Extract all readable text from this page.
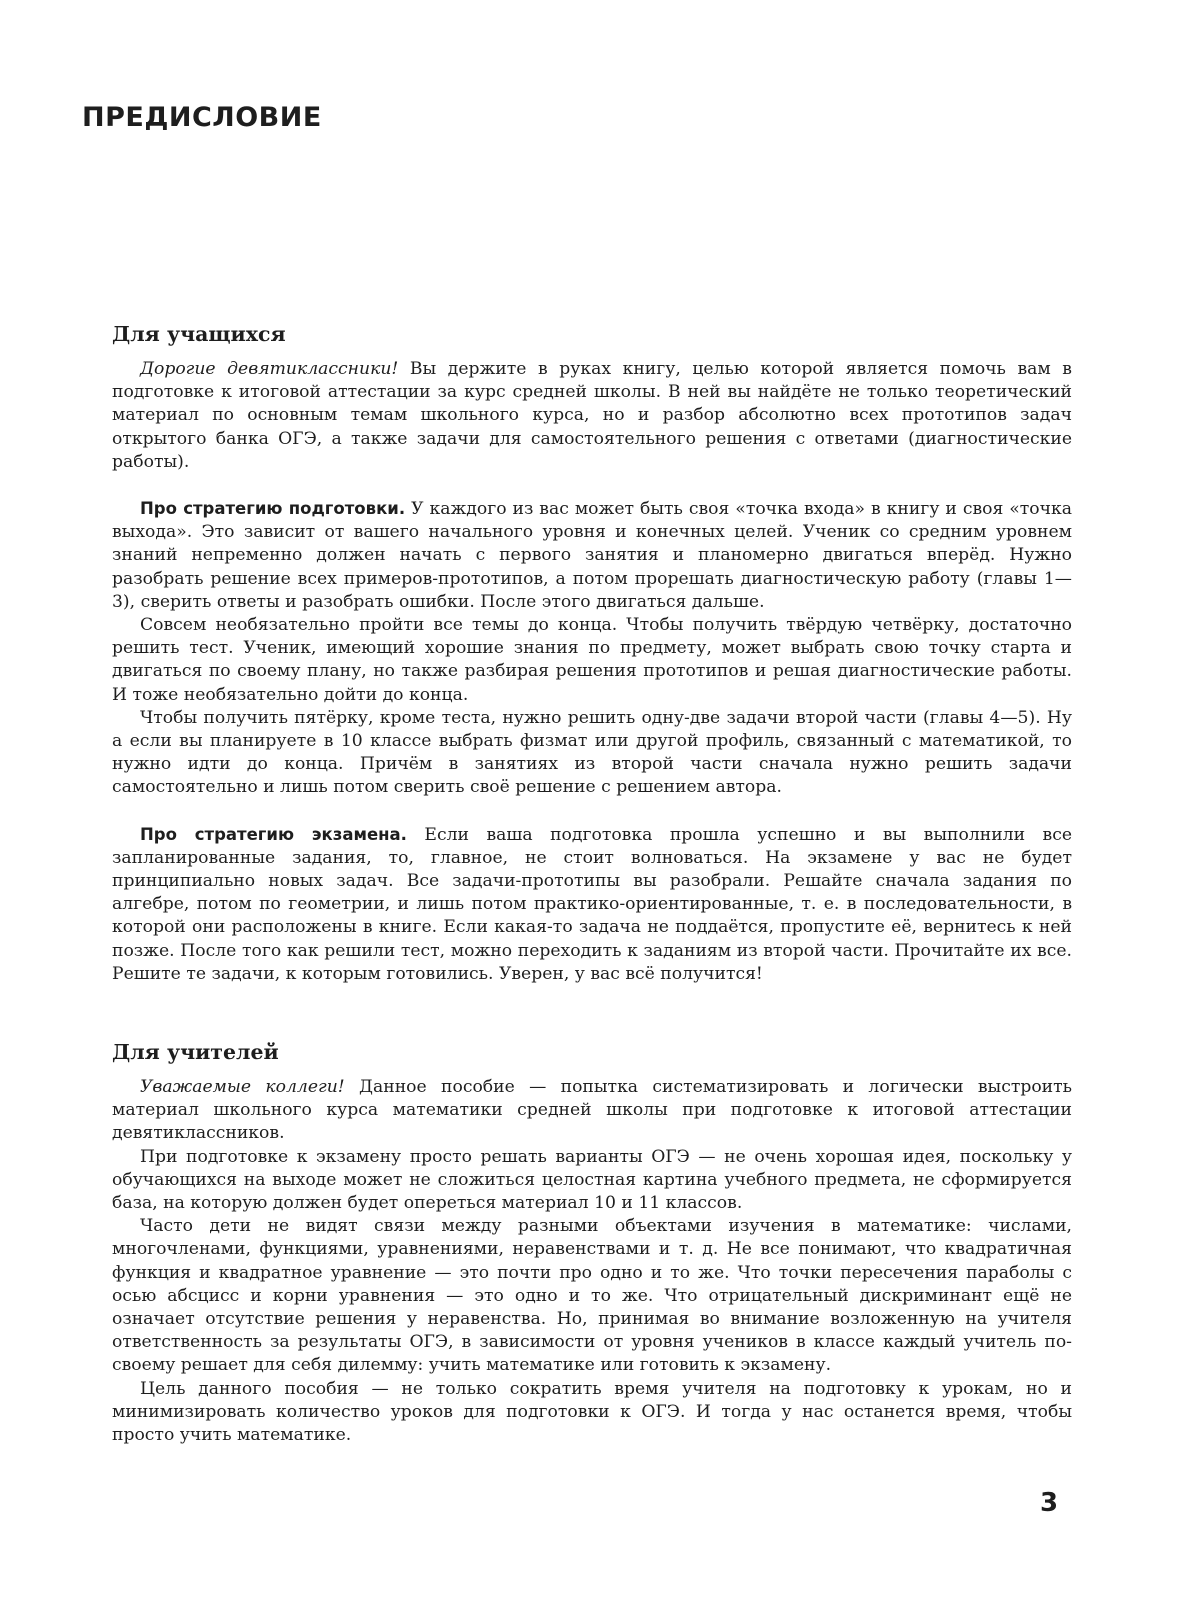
ПРЕДИСЛОВИЕ
Для учащихся

Дорогие девятиклассники! Вы держите в руках книгу, целью которой является помочь вам в подготовке к итоговой аттестации за курс средней школы. В ней вы найдёте не только теоретический материал по основным темам школьного курса, но и разбор абсолютно всех прототипов задач открытого банка ОГЭ, а также задачи для самостоятельного решения с ответами (диагностические работы).

Про стратегию подготовки. У каждого из вас может быть своя «точка входа» в книгу и своя «точка выхода». Это зависит от вашего начального уровня и конечных целей. Ученик со средним уровнем знаний непременно должен начать с первого занятия и планомерно двигаться вперёд. Нужно разобрать решение всех примеров-прототипов, а потом прорешать диагностическую работу (главы 1—3), сверить ответы и разобрать ошибки. После этого двигаться дальше.

Совсем необязательно пройти все темы до конца. Чтобы получить твёрдую четвёрку, достаточно решить тест. Ученик, имеющий хорошие знания по предмету, может выбрать свою точку старта и двигаться по своему плану, но также разбирая решения прототипов и решая диагностические работы. И тоже необязательно дойти до конца.

Чтобы получить пятёрку, кроме теста, нужно решить одну-две задачи второй части (главы 4—5). Ну а если вы планируете в 10 классе выбрать физмат или другой профиль, связанный с математикой, то нужно идти до конца. Причём в занятиях из второй части сначала нужно решить задачи самостоятельно и лишь потом сверить своё решение с решением автора.

Про стратегию экзамена. Если ваша подготовка прошла успешно и вы выполнили все запланированные задания, то, главное, не стоит волноваться. На экзамене у вас не будет принципиально новых задач. Все задачи-прототипы вы разобрали. Решайте сначала задания по алгебре, потом по геометрии, и лишь потом практико-ориентированные, т. е. в последовательности, в которой они расположены в книге. Если какая-то задача не поддаётся, пропустите её, вернитесь к ней позже. После того как решили тест, можно переходить к заданиям из второй части. Прочитайте их все. Решите те задачи, к которым готовились. Уверен, у вас всё получится!

Для учителей

Уважаемые коллеги! Данное пособие — попытка систематизировать и логически выстроить материал школьного курса математики средней школы при подготовке к итоговой аттестации девятиклассников.

При подготовке к экзамену просто решать варианты ОГЭ — не очень хорошая идея, поскольку у обучающихся на выходе может не сложиться целостная картина учебного предмета, не сформируется база, на которую должен будет опереться материал 10 и 11 классов.

Часто дети не видят связи между разными объектами изучения в математике: числами, многочленами, функциями, уравнениями, неравенствами и т. д. Не все понимают, что квадратичная функция и квадратное уравнение — это почти про одно и то же. Что точки пересечения параболы с осью абсцисс и корни уравнения — это одно и то же. Что отрицательный дискриминант ещё не означает отсутствие решения у неравенства. Но, принимая во внимание возложенную на учителя ответственность за результаты ОГЭ, в зависимости от уровня учеников в классе каждый учитель по-своему решает для себя дилемму: учить математике или готовить к экзамену.

Цель данного пособия — не только сократить время учителя на подготовку к урокам, но и минимизировать количество уроков для подготовки к ОГЭ. И тогда у нас останется время, чтобы просто учить математике.

3
